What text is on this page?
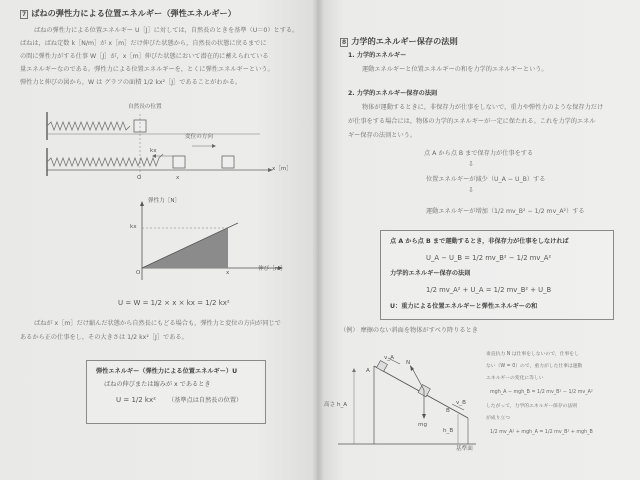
7 ばねの弾性力による位置エネルギー（弾性エネルギー）
ばねの弾性力による位置エネルギー U［J］に対しては，自然長のときを基準（U＝0）とする。
ばねは，ばね定数 k［N/m］が x［m］だけ伸びた状態から，自然長の状態に戻るまでに
の間に弾性力がする仕事 W［J］が，x［m］伸びた状態において潜在的に蓄えられている
量エネルギーなのである。弾性力による位置エネルギーを，とくに弾性エネルギーという。
弾性力と伸びの図から，W は グラフの面積 1/2 kx²［J］であることがわかる。
自然長の位置
変位の方向
kx
x［m］
O	x
弾性力［N］
kx
O	x
伸び［m］
U = W = 1/2 × x × kx = 1/2 kx²
ばねが x［m］だけ縮んだ状態から自然長にもどる場合も，弾性力と変位の方向が同じで
あるから正の仕事をし，その大きさは 1/2 kx²［J］である。
弾性エネルギー（弾性力による位置エネルギー）U
ばねの伸びまたは縮みが x であるとき
U = 1/2 kx² （基準点は自然長の位置）
8 力学的エネルギー保存の法則
1. 力学的エネルギー
運動エネルギーと位置エネルギーの和を力学的エネルギーという。
2. 力学的エネルギー保存の法則
物体が運動するときに，非保存力が仕事をしないで，重力や弾性力のような保存力だけ
が仕事をする場合には，物体の力学的エネルギーが一定に保たれる。これを力学的エネル
ギー保存の法則という。
点 A から点 B まで保存力が仕事をする
⇩
位置エネルギーが減少（U_A − U_B）する
⇩
運動エネルギーが増加（1/2 mv_B² − 1/2 mv_A²）する
点 A から点 B まで運動するとき，非保存力が仕事をしなければ
U_A − U_B = 1/2 mv_B² − 1/2 mv_A²
力学的エネルギー保存の法則
1/2 mv_A² + U_A = 1/2 mv_B² + U_B
U：重力による位置エネルギーと弾性エネルギーの和
（例） 摩擦のない斜面を物体がすべり降りるとき
A
B
N
v_A
v_B
mg
高さ h_A
h_B
基準面
垂直抗力 N は仕事をしないので，仕事をし
ない（W = 0）ので，重力がした仕事は運動
エネルギーの変化に等しい
mgh_A − mgh_B = 1/2 mv_B² − 1/2 mv_A²
したがって，力学的エネルギー保存の法則
が成り立つ
1/2 mv_A² + mgh_A = 1/2 mv_B² + mgh_B
